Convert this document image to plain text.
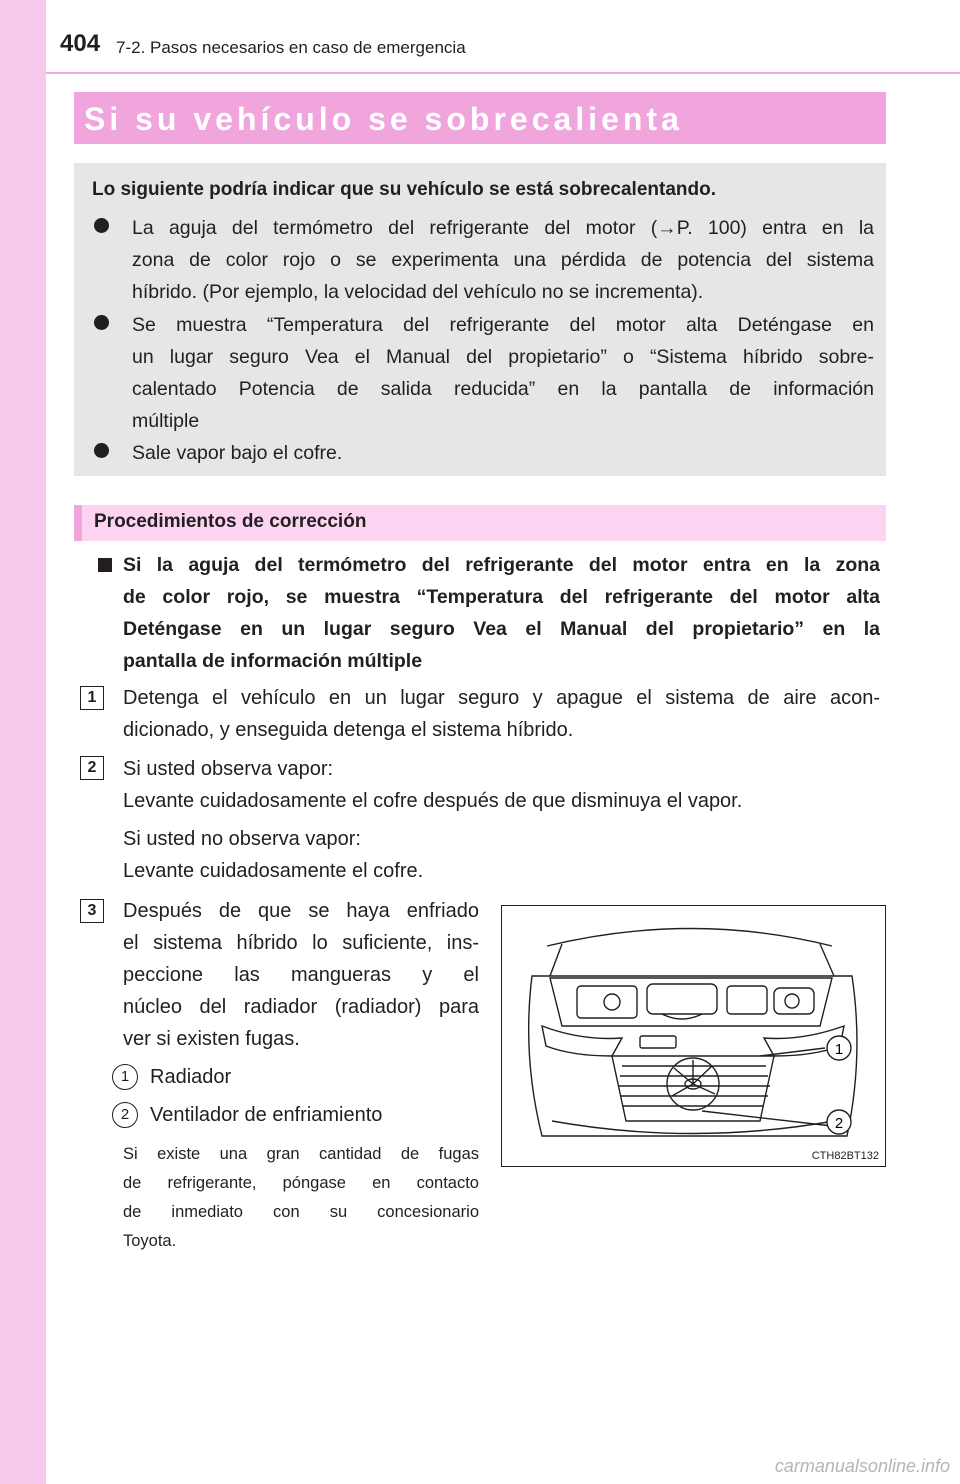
404 7-2. Pasos necesarios en caso de emergencia
Si su vehículo se sobrecalienta
Lo siguiente podría indicar que su vehículo se está sobrecalentando.
La aguja del termómetro del refrigerante del motor (→P. 100) entra en la
zona de color rojo o se experimenta una pérdida de potencia del sistema
híbrido. (Por ejemplo, la velocidad del vehículo no se incrementa).
Se muestra “Temperatura del refrigerante del motor alta Deténgase en
un lugar seguro Vea el Manual del propietario” o “Sistema híbrido sobre-
calentado Potencia de salida reducida” en la pantalla de información
múltiple
Sale vapor bajo el cofre.
Procedimientos de corrección
Si la aguja del termómetro del refrigerante del motor entra en la zona
de color rojo, se muestra “Temperatura del refrigerante del motor alta
Deténgase en un lugar seguro Vea el Manual del propietario” en la
pantalla de información múltiple
1	Detenga el vehículo en un lugar seguro y apague el sistema de aire acon-
dicionado, y enseguida detenga el sistema híbrido.
2	Si usted observa vapor:
Levante cuidadosamente el cofre después de que disminuya el vapor.
Si usted no observa vapor:
Levante cuidadosamente el cofre.
3	Después de que se haya enfriado
el sistema híbrido lo suficiente, ins-
peccione las mangueras y el
núcleo del radiador (radiador) para
ver si existen fugas.
1	Radiador
2	Ventilador de enfriamiento
Si existe una gran cantidad de fugas
de refrigerante, póngase en contacto
de inmediato con su concesionario
Toyota.
1
2
CTH82BT132
carmanualsonline.info
